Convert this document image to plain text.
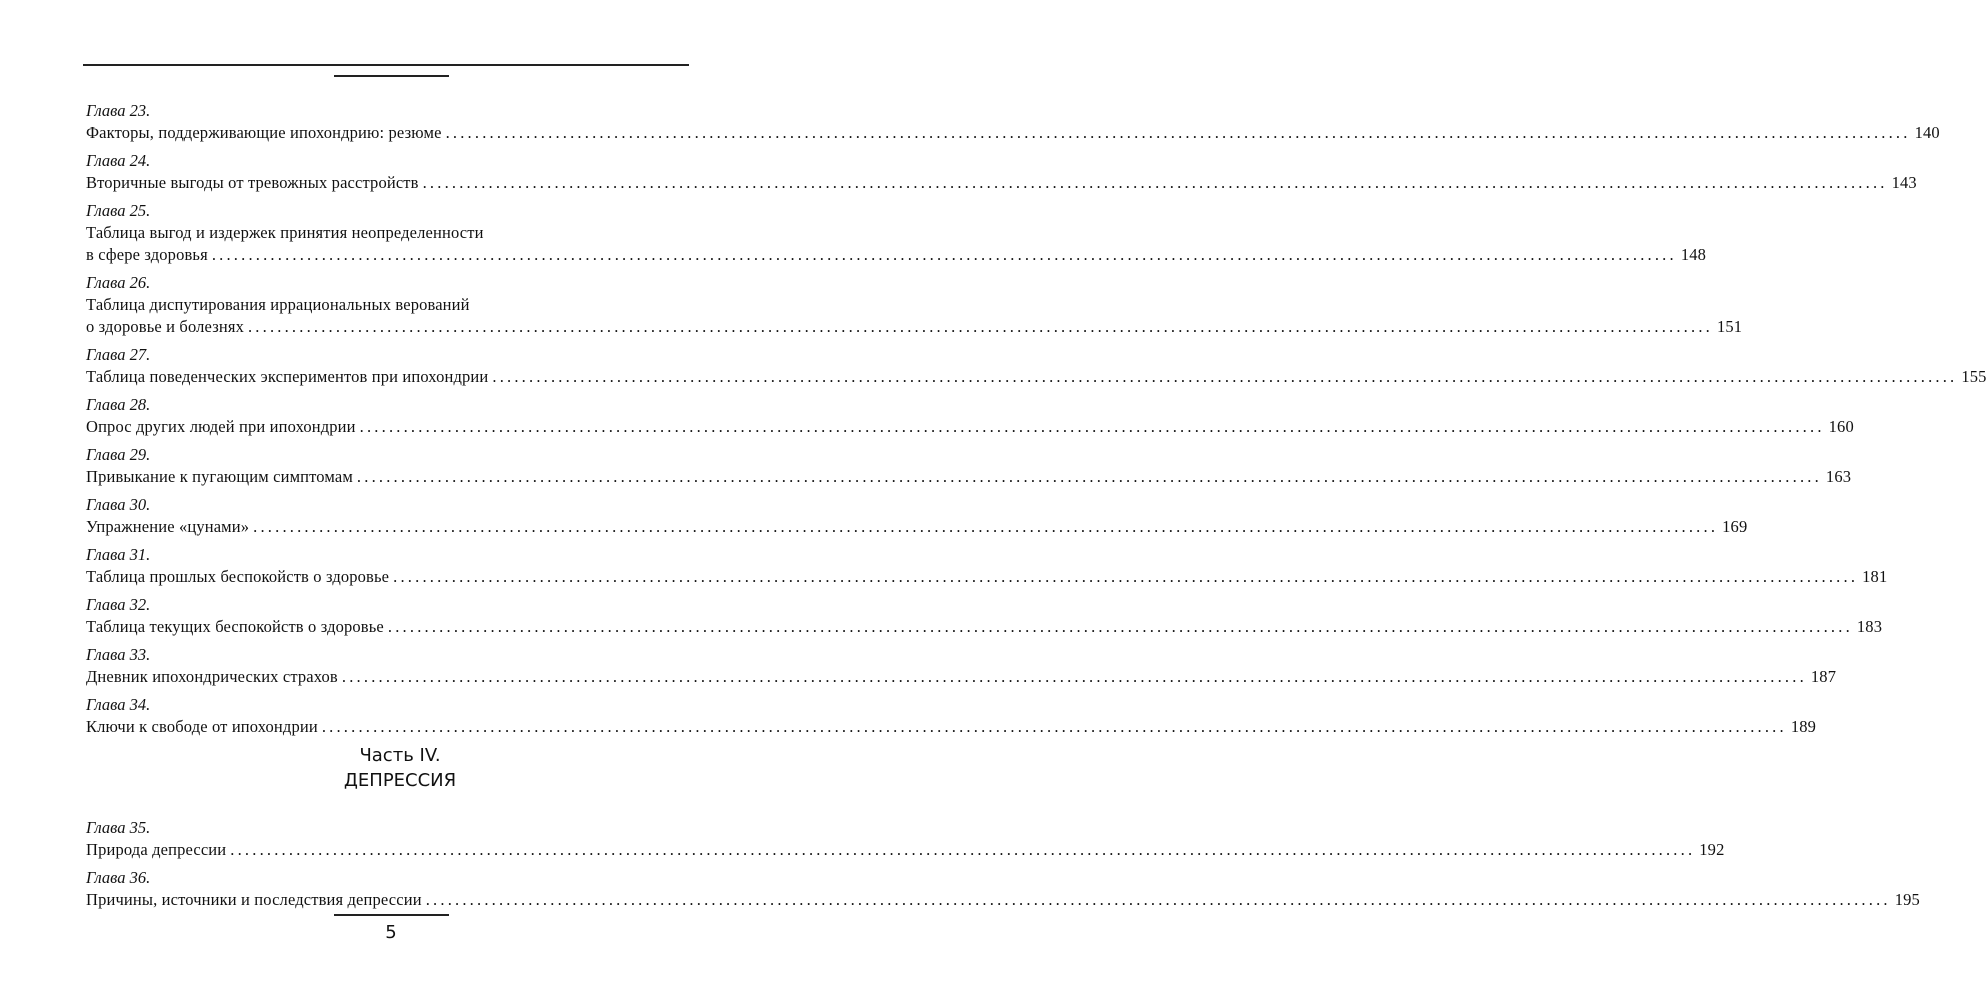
Глава 23.
Факторы, поддерживающие ипохондрию: резюме ........................................................................................................................................................................................................ 140
Глава 24.
Вторичные выгоды от тревожных расстройств ........................................................................................................................................................................................................ 143
Глава 25.
Таблица выгод и издержек принятия неопределенности
в сфере здоровья ........................................................................................................................................................................................................ 148
Глава 26.
Таблица диспутирования иррациональных верований
о здоровье и болезнях ........................................................................................................................................................................................................ 151
Глава 27.
Таблица поведенческих экспериментов при ипохондрии ........................................................................................................................................................................................................ 155
Глава 28.
Опрос других людей при ипохондрии ........................................................................................................................................................................................................ 160
Глава 29.
Привыкание к пугающим симптомам ........................................................................................................................................................................................................ 163
Глава 30.
Упражнение «цунами» ........................................................................................................................................................................................................ 169
Глава 31.
Таблица прошлых беспокойств о здоровье ........................................................................................................................................................................................................ 181
Глава 32.
Таблица текущих беспокойств о здоровье ........................................................................................................................................................................................................ 183
Глава 33.
Дневник ипохондрических страхов ........................................................................................................................................................................................................ 187
Глава 34.
Ключи к свободе от ипохондрии ........................................................................................................................................................................................................ 189
Часть IV.
ДЕПРЕССИЯ
Глава 35.
Природа депрессии ........................................................................................................................................................................................................ 192
Глава 36.
Причины, источники и последствия депрессии ........................................................................................................................................................................................................ 195
5
